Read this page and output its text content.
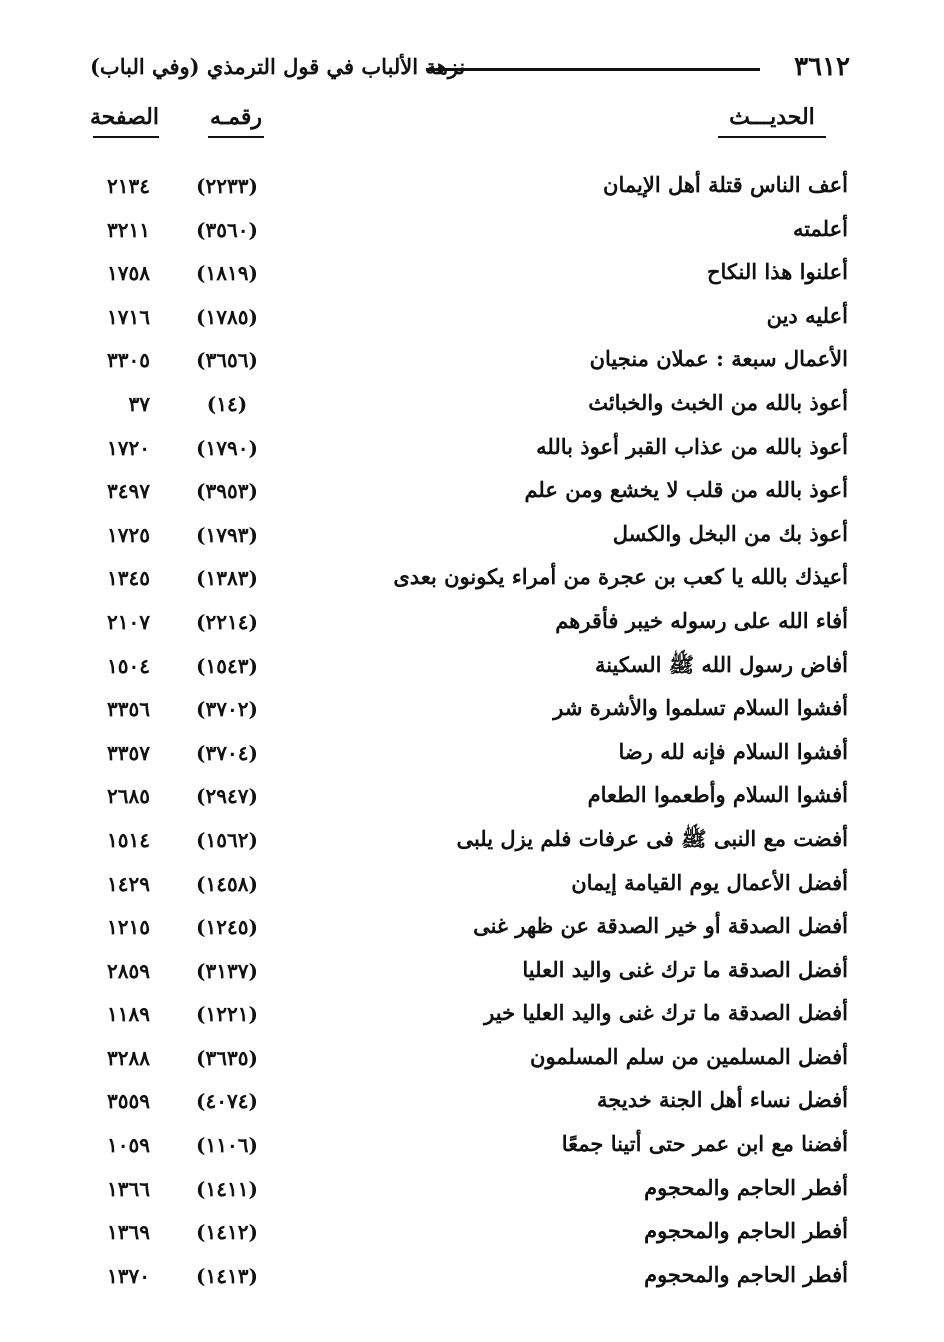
٣٦١٢
نزهة الألباب في قول الترمذي (وفي الباب)
الحديـــث
رقمـه
الصفحة
أعف الناس قتلة أهل الإيمان
(٢٢٣٣)
٢١٣٤
أعلمته
(٣٥٦٠)
٣٢١١
أعلنوا هذا النكاح
(١٨١٩)
١٧٥٨
أعليه دين
(١٧٨٥)
١٧١٦
الأعمال سبعة : عملان منجيان
(٣٦٥٦)
٣٣٠٥
أعوذ بالله من الخبث والخبائث
(١٤)
٣٧
أعوذ بالله من عذاب القبر أعوذ بالله
(١٧٩٠)
١٧٢٠
أعوذ بالله من قلب لا يخشع ومن علم
(٣٩٥٣)
٣٤٩٧
أعوذ بك من البخل والكسل
(١٧٩٣)
١٧٢٥
أعيذك بالله يا كعب بن عجرة من أمراء يكونون بعدى
(١٣٨٣)
١٣٤٥
أفاء الله على رسوله خيبر فأقرهم
(٢٢١٤)
٢١٠٧
أفاض رسول الله ﷺ السكينة
(١٥٤٣)
١٥٠٤
أفشوا السلام تسلموا والأشرة شر
(٣٧٠٢)
٣٣٥٦
أفشوا السلام فإنه لله رضا
(٣٧٠٤)
٣٣٥٧
أفشوا السلام وأطعموا الطعام
(٢٩٤٧)
٢٦٨٥
أفضت مع النبى ﷺ فى عرفات فلم يزل يلبى
(١٥٦٢)
١٥١٤
أفضل الأعمال يوم القيامة إيمان
(١٤٥٨)
١٤٢٩
أفضل الصدقة أو خير الصدقة عن ظهر غنى
(١٢٤٥)
١٢١٥
أفضل الصدقة ما ترك غنى واليد العليا
(٣١٣٧)
٢٨٥٩
أفضل الصدقة ما ترك غنى واليد العليا خير
(١٢٢١)
١١٨٩
أفضل المسلمين من سلم المسلمون
(٣٦٣٥)
٣٢٨٨
أفضل نساء أهل الجنة خديجة
(٤٠٧٤)
٣٥٥٩
أفضنا مع ابن عمر حتى أتينا جمعًا
(١١٠٦)
١٠٥٩
أفطر الحاجم والمحجوم
(١٤١١)
١٣٦٦
أفطر الحاجم والمحجوم
(١٤١٢)
١٣٦٩
أفطر الحاجم والمحجوم
(١٤١٣)
١٣٧٠
